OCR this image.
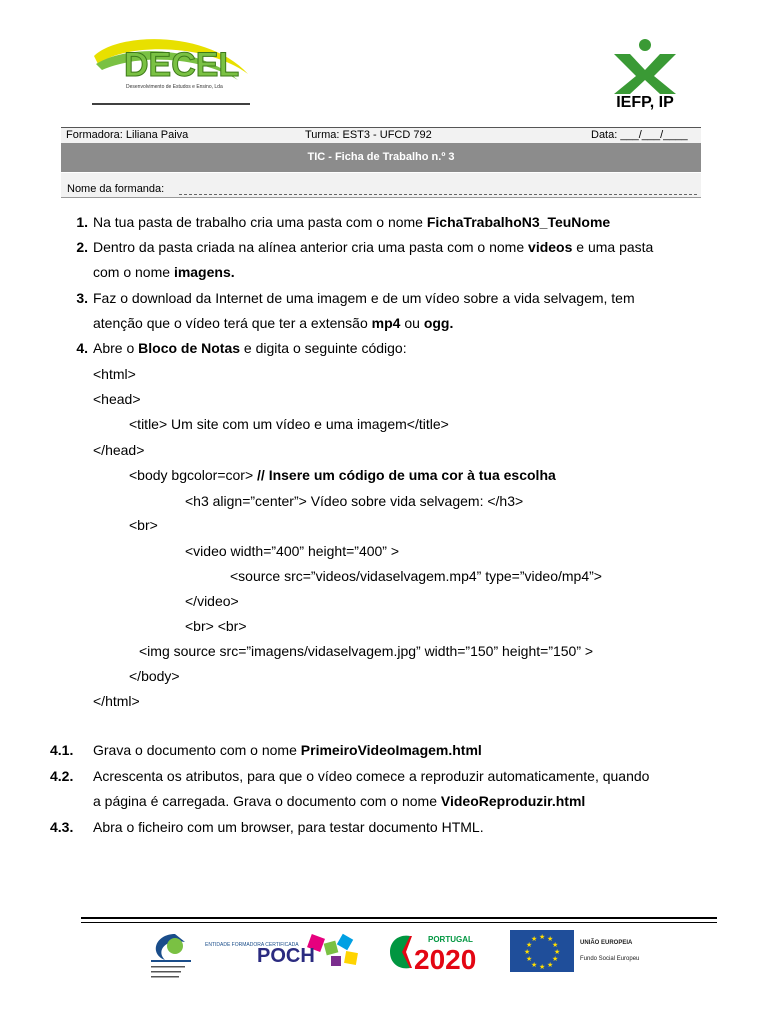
DECEL
Desenvolvimento de Estudos e Ensino, Lda
IEFP, IP
Formadora: Liliana Paiva	Turma: EST3 - UFCD 792	Data: ___/___/____
TIC - Ficha de Trabalho n.º 3
Nome da formanda:
1. Na tua pasta de trabalho cria uma pasta com o nome FichaTrabalhoN3_TeuNome
2. Dentro da pasta criada na alínea anterior cria uma pasta com o nome videos e uma pasta
com o nome imagens.
3. Faz o download da Internet de uma imagem e de um vídeo sobre a vida selvagem, tem
atenção que o vídeo terá que ter a extensão mp4 ou ogg.
4. Abre o Bloco de Notas e digita o seguinte código:
<html>
<head>
<title> Um site com um vídeo e uma imagem</title>
</head>
<body bgcolor=cor> // Insere um código de uma cor à tua escolha
<h3 align=”center”> Vídeo sobre vida selvagem: </h3>
<br>
<video width=”400” height=”400” >
<source src=”videos/vidaselvagem.mp4” type=”video/mp4”>
</video>
<br> <br>
<img source src=”imagens/vidaselvagem.jpg” width=”150” height=”150” >
</body>
</html>
4.1. Grava o documento com o nome PrimeiroVideoImagem.html
4.2. Acrescenta os atributos, para que o vídeo comece a reproduzir automaticamente, quando
a página é carregada. Grava o documento com o nome VideoReproduzir.html
4.3. Abra o ficheiro com um browser, para testar documento HTML.
ENTIDADE FORMADORA CERTIFICADA
POCH
PORTUGAL
2020
★ ★
★
★
★
★
★
★
★
★
★
★	UNIÃO EUROPEIA
Fundo Social Europeu
